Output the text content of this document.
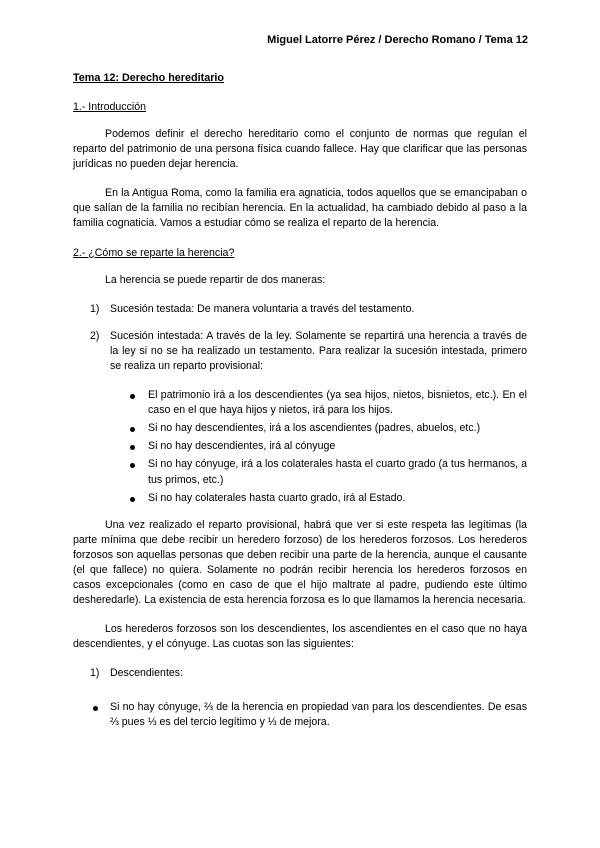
Miguel Latorre Pérez / Derecho Romano / Tema 12
Tema 12: Derecho hereditario
1.- Introducción

Podemos definir el derecho hereditario como el conjunto de normas que regulan el reparto del patrimonio de una persona física cuando fallece. Hay que clarificar que las personas jurídicas no pueden dejar herencia.

En la Antigua Roma, como la familia era agnaticia, todos aquellos que se emancipaban o que salían de la familia no recibían herencia. En la actualidad, ha cambiado debido al paso a la familia cognaticia. Vamos a estudiar cómo se realiza el reparto de la herencia.

2.- ¿Cómo se reparte la herencia?

La herencia se puede repartir de dos maneras:

1) Sucesión testada: De manera voluntaria a través del testamento.
2) Sucesión intestada: A través de la ley. Solamente se repartirá una herencia a través de la ley si no se ha realizado un testamento. Para realizar la sucesión intestada, primero se realiza un reparto provisional:
El patrimonio irá a los descendientes (ya sea hijos, nietos, bisnietos, etc.). En el caso en el que haya hijos y nietos, irá para los hijos.
Si no hay descendientes, irá a los ascendientes (padres, abuelos, etc.)
Si no hay descendientes, irá al cónyuge
Si no hay cónyuge, irá a los colaterales hasta el cuarto grado (a tus hermanos, a tus primos, etc.)
Si no hay colaterales hasta cuarto grado, irá al Estado.

Una vez realizado el reparto provisional, habrá que ver si este respeta las legítimas (la parte mínima que debe recibir un heredero forzoso) de los herederos forzosos. Los herederos forzosos son aquellas personas que deben recibir una parte de la herencia, aunque el causante (el que fallece) no quiera. Solamente no podrán recibir herencia los herederos forzosos en casos excepcionales (como en caso de que el hijo maltrate al padre, pudiendo este último desheredarle). La existencia de esta herencia forzosa es lo que llamamos la herencia necesaria.

Los herederos forzosos son los descendientes, los ascendientes en el caso que no haya descendientes, y el cónyuge. Las cuotas son las siguientes:

1) Descendientes:
Si no hay cónyuge, ⅔ de la herencia en propiedad van para los descendientes. De esas ⅔ pues ⅓ es del tercio legítimo y ⅓ de mejora.
